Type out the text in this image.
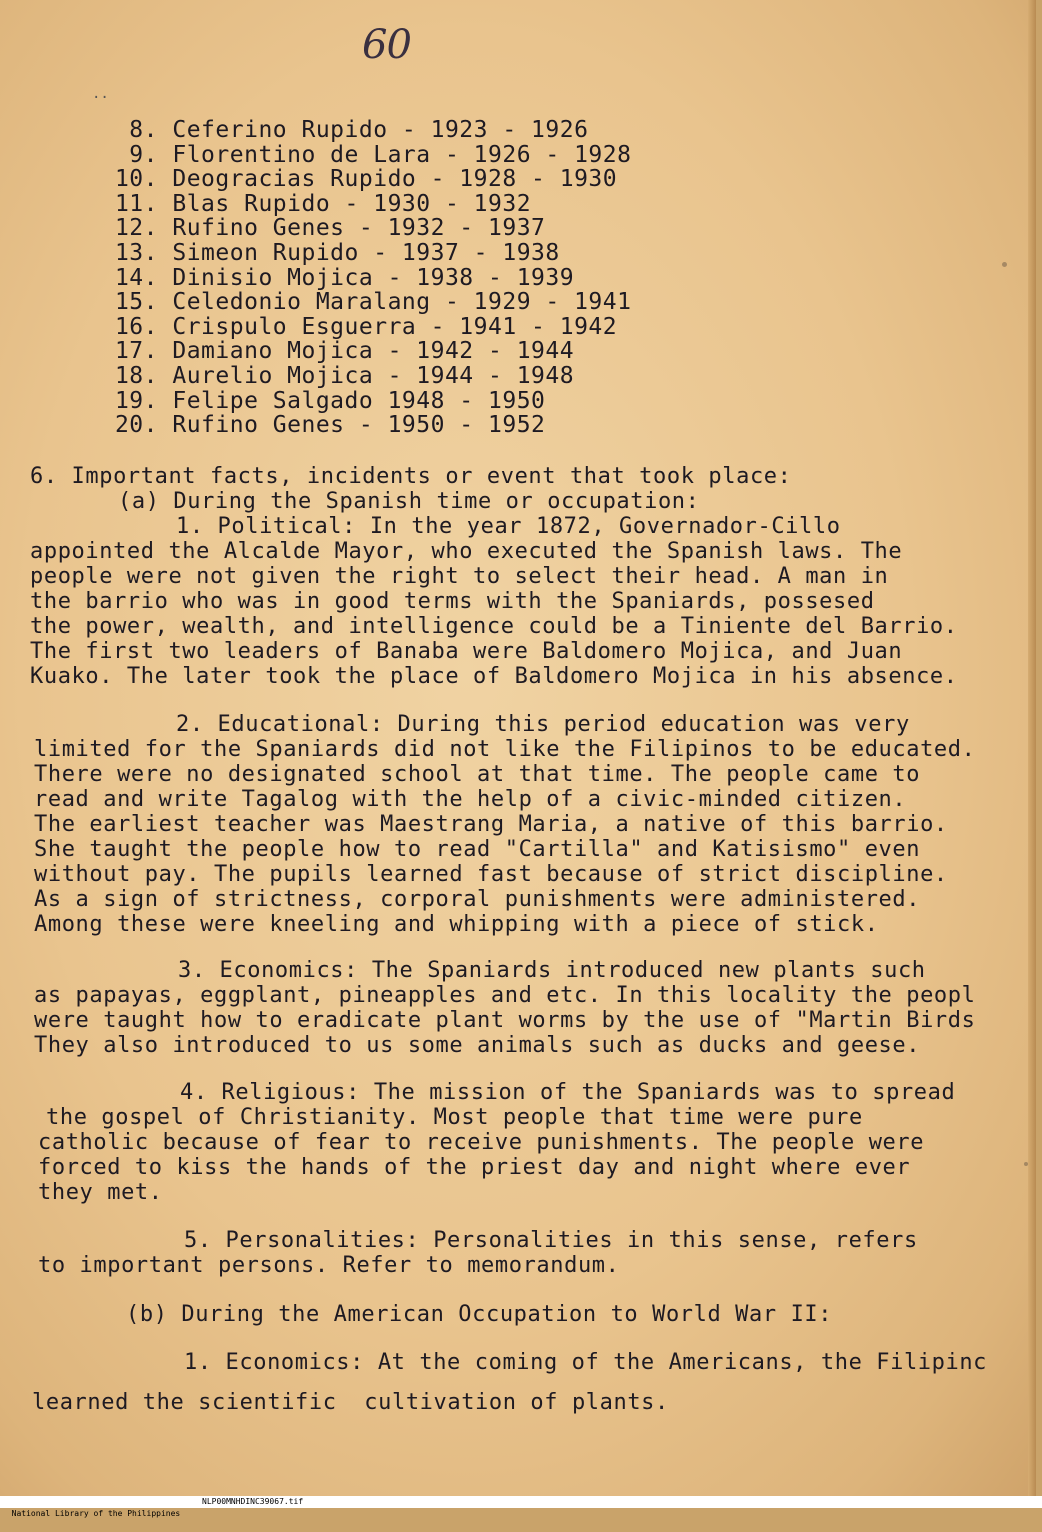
60
..
8. Ceferino Rupido - 1923 - 1926
9. Florentino de Lara - 1926 - 1928
10. Deogracias Rupido - 1928 - 1930
11. Blas Rupido - 1930 - 1932
12. Rufino Genes - 1932 - 1937
13. Simeon Rupido - 1937 - 1938
14. Dinisio Mojica - 1938 - 1939
15. Celedonio Maralang - 1929 - 1941
16. Crispulo Esguerra - 1941 - 1942
17. Damiano Mojica - 1942 - 1944
18. Aurelio Mojica - 1944 - 1948
19. Felipe Salgado 1948 - 1950
20. Rufino Genes - 1950 - 1952
6. Important facts, incidents or event that took place:
(a) During the Spanish time or occupation:
1. Political: In the year 1872, Governador-Cillo
appointed the Alcalde Mayor, who executed the Spanish laws. The
people were not given the right to select their head. A man in
the barrio who was in good terms with the Spaniards, possesed
the power, wealth, and intelligence could be a Tiniente del Barrio.
The first two leaders of Banaba were Baldomero Mojica, and Juan
Kuako. The later took the place of Baldomero Mojica in his absence.
2. Educational: During this period education was very
limited for the Spaniards did not like the Filipinos to be educated.
There were no designated school at that time. The people came to
read and write Tagalog with the help of a civic-minded citizen.
The earliest teacher was Maestrang Maria, a native of this barrio.
She taught the people how to read "Cartilla" and Katisismo" even
without pay. The pupils learned fast because of strict discipline.
As a sign of strictness, corporal punishments were administered.
Among these were kneeling and whipping with a piece of stick.
3. Economics: The Spaniards introduced new plants such
as papayas, eggplant, pineapples and etc. In this locality the peopl
were taught how to eradicate plant worms by the use of "Martin Birds
They also introduced to us some animals such as ducks and geese.
4. Religious: The mission of the Spaniards was to spread
the gospel of Christianity. Most people that time were pure
catholic because of fear to receive punishments. The people were
forced to kiss the hands of the priest day and night where ever
they met.
5. Personalities: Personalities in this sense, refers
to important persons. Refer to memorandum.
(b) During the American Occupation to World War II:
1. Economics: At the coming of the Americans, the Filipinc
learned the scientific  cultivation of plants.

National Library of the Philippines

NLP00MNHDINC39067.tif
